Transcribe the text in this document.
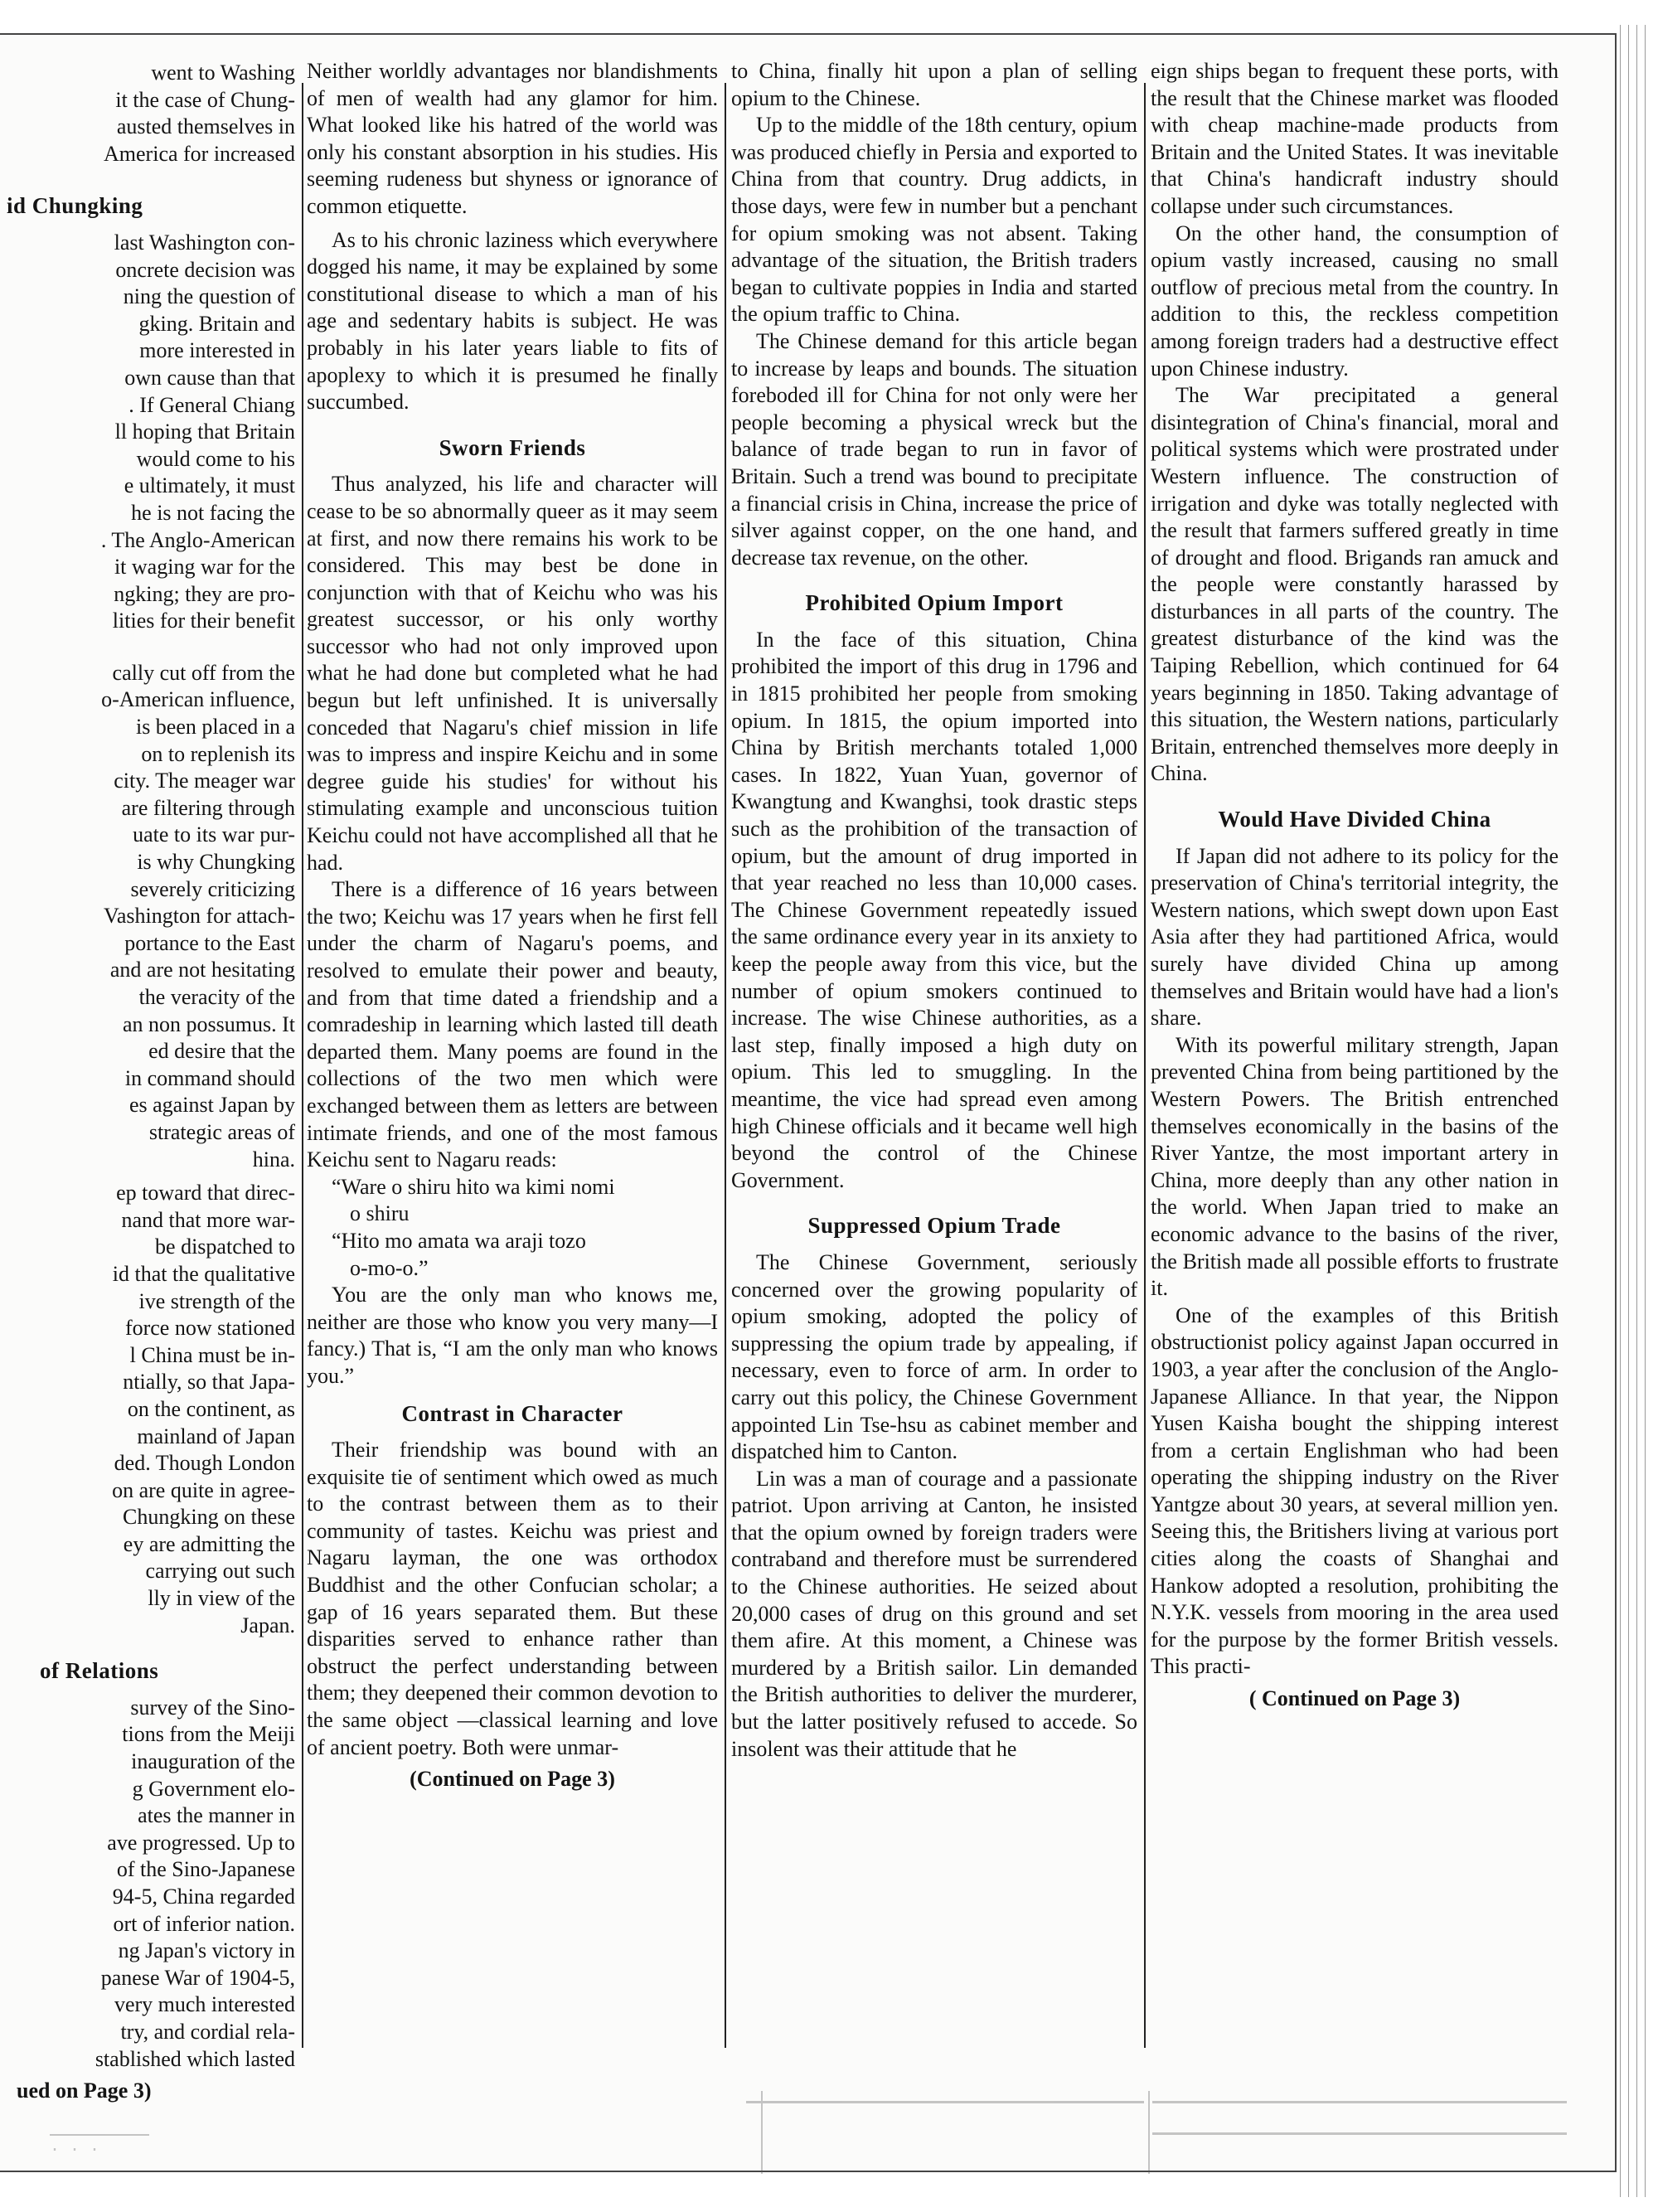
went to Washing
it the case of Chung-
austed themselves in
America for increased
id Chungking
last Washington con-
oncrete decision was
ning the question of
gking. Britain and
more interested in
own cause than that
. If General Chiang
ll hoping that Britain
would come to his
e ultimately, it must
he is not facing the
. The Anglo-American
it waging war for the
ngking; they are pro-
lities for their benefit
cally cut off from the
o-American influence,
is been placed in a
on to replenish its
city. The meager war
are filtering through
uate to its war pur-
is why Chungking
severely criticizing
Vashington for attach-
portance to the East
and are not hesitating
the veracity of the
an non possumus. It
ed desire that the
in command should
es against Japan by
strategic areas of
hina.
ep toward that direc-
nand that more war-
be dispatched to
id that the qualitative
ive strength of the
force now stationed
l China must be in-
ntially, so that Japa-
on the continent, as
mainland of Japan
ded. Though London
on are quite in agree-
Chungking on these
ey are admitting the
carrying out such
lly in view of the
Japan.
of Relations
survey of the Sino-
tions from the Meiji
inauguration of the
g Government elo-
ates the manner in
ave progressed. Up to
of the Sino-Japanese
94-5, China regarded
ort of inferior nation.
ng Japan's victory in
panese War of 1904-5,
very much interested
try, and cordial rela-
stablished which lasted
ued on Page 3)
Neither worldly advantages nor blandishments of men of wealth had any glamor for him. What looked like his hatred of the world was only his constant absorption in his studies. His seeming rudeness but shyness or ignorance of common etiquette.
As to his chronic laziness which everywhere dogged his name, it may be explained by some constitutional disease to which a man of his age and sedentary habits is subject. He was probably in his later years liable to fits of apoplexy to which it is presumed he finally succumbed.
Sworn Friends
Thus analyzed, his life and character will cease to be so abnormally queer as it may seem at first, and now there remains his work to be considered. This may best be done in conjunction with that of Keichu who was his greatest successor, or his only worthy successor who had not only improved upon what he had done but completed what he had begun but left unfinished. It is universally conceded that Nagaru's chief mission in life was to impress and inspire Keichu and in some degree guide his studies' for without his stimulating example and unconscious tuition Keichu could not have accomplished all that he had.
There is a difference of 16 years between the two; Keichu was 17 years when he first fell under the charm of Nagaru's poems, and resolved to emulate their power and beauty, and from that time dated a friendship and a comradeship in learning which lasted till death departed them. Many poems are found in the collections of the two men which were exchanged between them as letters are between intimate friends, and one of the most famous Keichu sent to Nagaru reads:
“Ware o shiru hito wa kimi nomi
o shiru
“Hito mo amata wa araji tozo
o-mo-o.”
You are the only man who knows me, neither are those who know you very many—I fancy.) That is, “I am the only man who knows you.”
Contrast in Character
Their friendship was bound with an exquisite tie of sentiment which owed as much to the contrast between them as to their community of tastes. Keichu was priest and Nagaru layman, the one was orthodox Buddhist and the other Confucian scholar; a gap of 16 years separated them. But these disparities served to enhance rather than obstruct the perfect understanding between them; they deepened their common devotion to the same object —classical learning and love of ancient poetry. Both were unmar-
(Continued on Page 3)
to China, finally hit upon a plan of selling opium to the Chinese.
Up to the middle of the 18th century, opium was produced chiefly in Persia and exported to China from that country. Drug addicts, in those days, were few in number but a penchant for opium smoking was not absent. Taking advantage of the situation, the British traders began to cultivate poppies in India and started the opium traffic to China.
The Chinese demand for this article began to increase by leaps and bounds. The situation foreboded ill for China for not only were her people becoming a physical wreck but the balance of trade began to run in favor of Britain. Such a trend was bound to precipitate a financial crisis in China, increase the price of silver against copper, on the one hand, and decrease tax revenue, on the other.
Prohibited Opium Import
In the face of this situation, China prohibited the import of this drug in 1796 and in 1815 prohibited her people from smoking opium. In 1815, the opium imported into China by British merchants totaled 1,000 cases. In 1822, Yuan Yuan, governor of Kwangtung and Kwanghsi, took drastic steps such as the prohibition of the transaction of opium, but the amount of drug imported in that year reached no less than 10,000 cases. The Chinese Government repeatedly issued the same ordinance every year in its anxiety to keep the people away from this vice, but the number of opium smokers continued to increase. The wise Chinese authorities, as a last step, finally imposed a high duty on opium. This led to smuggling. In the meantime, the vice had spread even among high Chinese officials and it became well high beyond the control of the Chinese Government.
Suppressed Opium Trade
The Chinese Government, seriously concerned over the growing popularity of opium smoking, adopted the policy of suppressing the opium trade by appealing, if necessary, even to force of arm. In order to carry out this policy, the Chinese Government appointed Lin Tse-hsu as cabinet member and dispatched him to Canton.
Lin was a man of courage and a passionate patriot. Upon arriving at Canton, he insisted that the opium owned by foreign traders were contraband and therefore must be surrendered to the Chinese authorities. He seized about 20,000 cases of drug on this ground and set them afire. At this moment, a Chinese was murdered by a British sailor. Lin demanded the British authorities to deliver the murderer, but the latter positively refused to accede. So insolent was their attitude that he
eign ships began to frequent these ports, with the result that the Chinese market was flooded with cheap machine-made products from Britain and the United States. It was inevitable that China's handicraft industry should collapse under such circumstances.
On the other hand, the consumption of opium vastly increased, causing no small outflow of precious metal from the country. In addition to this, the reckless competition among foreign traders had a destructive effect upon Chinese industry.
The War precipitated a general disintegration of China's financial, moral and political systems which were prostrated under Western influence. The construction of irrigation and dyke was totally neglected with the result that farmers suffered greatly in time of drought and flood. Brigands ran amuck and the people were constantly harassed by disturbances in all parts of the country. The greatest disturbance of the kind was the Taiping Rebellion, which continued for 64 years beginning in 1850. Taking advantage of this situation, the Western nations, particularly Britain, entrenched themselves more deeply in China.
Would Have Divided China
If Japan did not adhere to its policy for the preservation of China's territorial integrity, the Western nations, which swept down upon East Asia after they had partitioned Africa, would surely have divided China up among themselves and Britain would have had a lion's share.
With its powerful military strength, Japan prevented China from being partitioned by the Western Powers. The British entrenched themselves economically in the basins of the River Yantze, the most important artery in China, more deeply than any other nation in the world. When Japan tried to make an economic advance to the basins of the river, the British made all possible efforts to frustrate it.
One of the examples of this British obstructionist policy against Japan occurred in 1903, a year after the conclusion of the Anglo-Japanese Alliance. In that year, the Nippon Yusen Kaisha bought the shipping interest from a certain Englishman who had been operating the shipping industry on the River Yantgze about 30 years, at several million yen. Seeing this, the Britishers living at various port cities along the coasts of Shanghai and Hankow adopted a resolution, prohibiting the N.Y.K. vessels from mooring in the area used for the purpose by the former British vessels. This practi-
( Continued on Page 3)
· · ·
